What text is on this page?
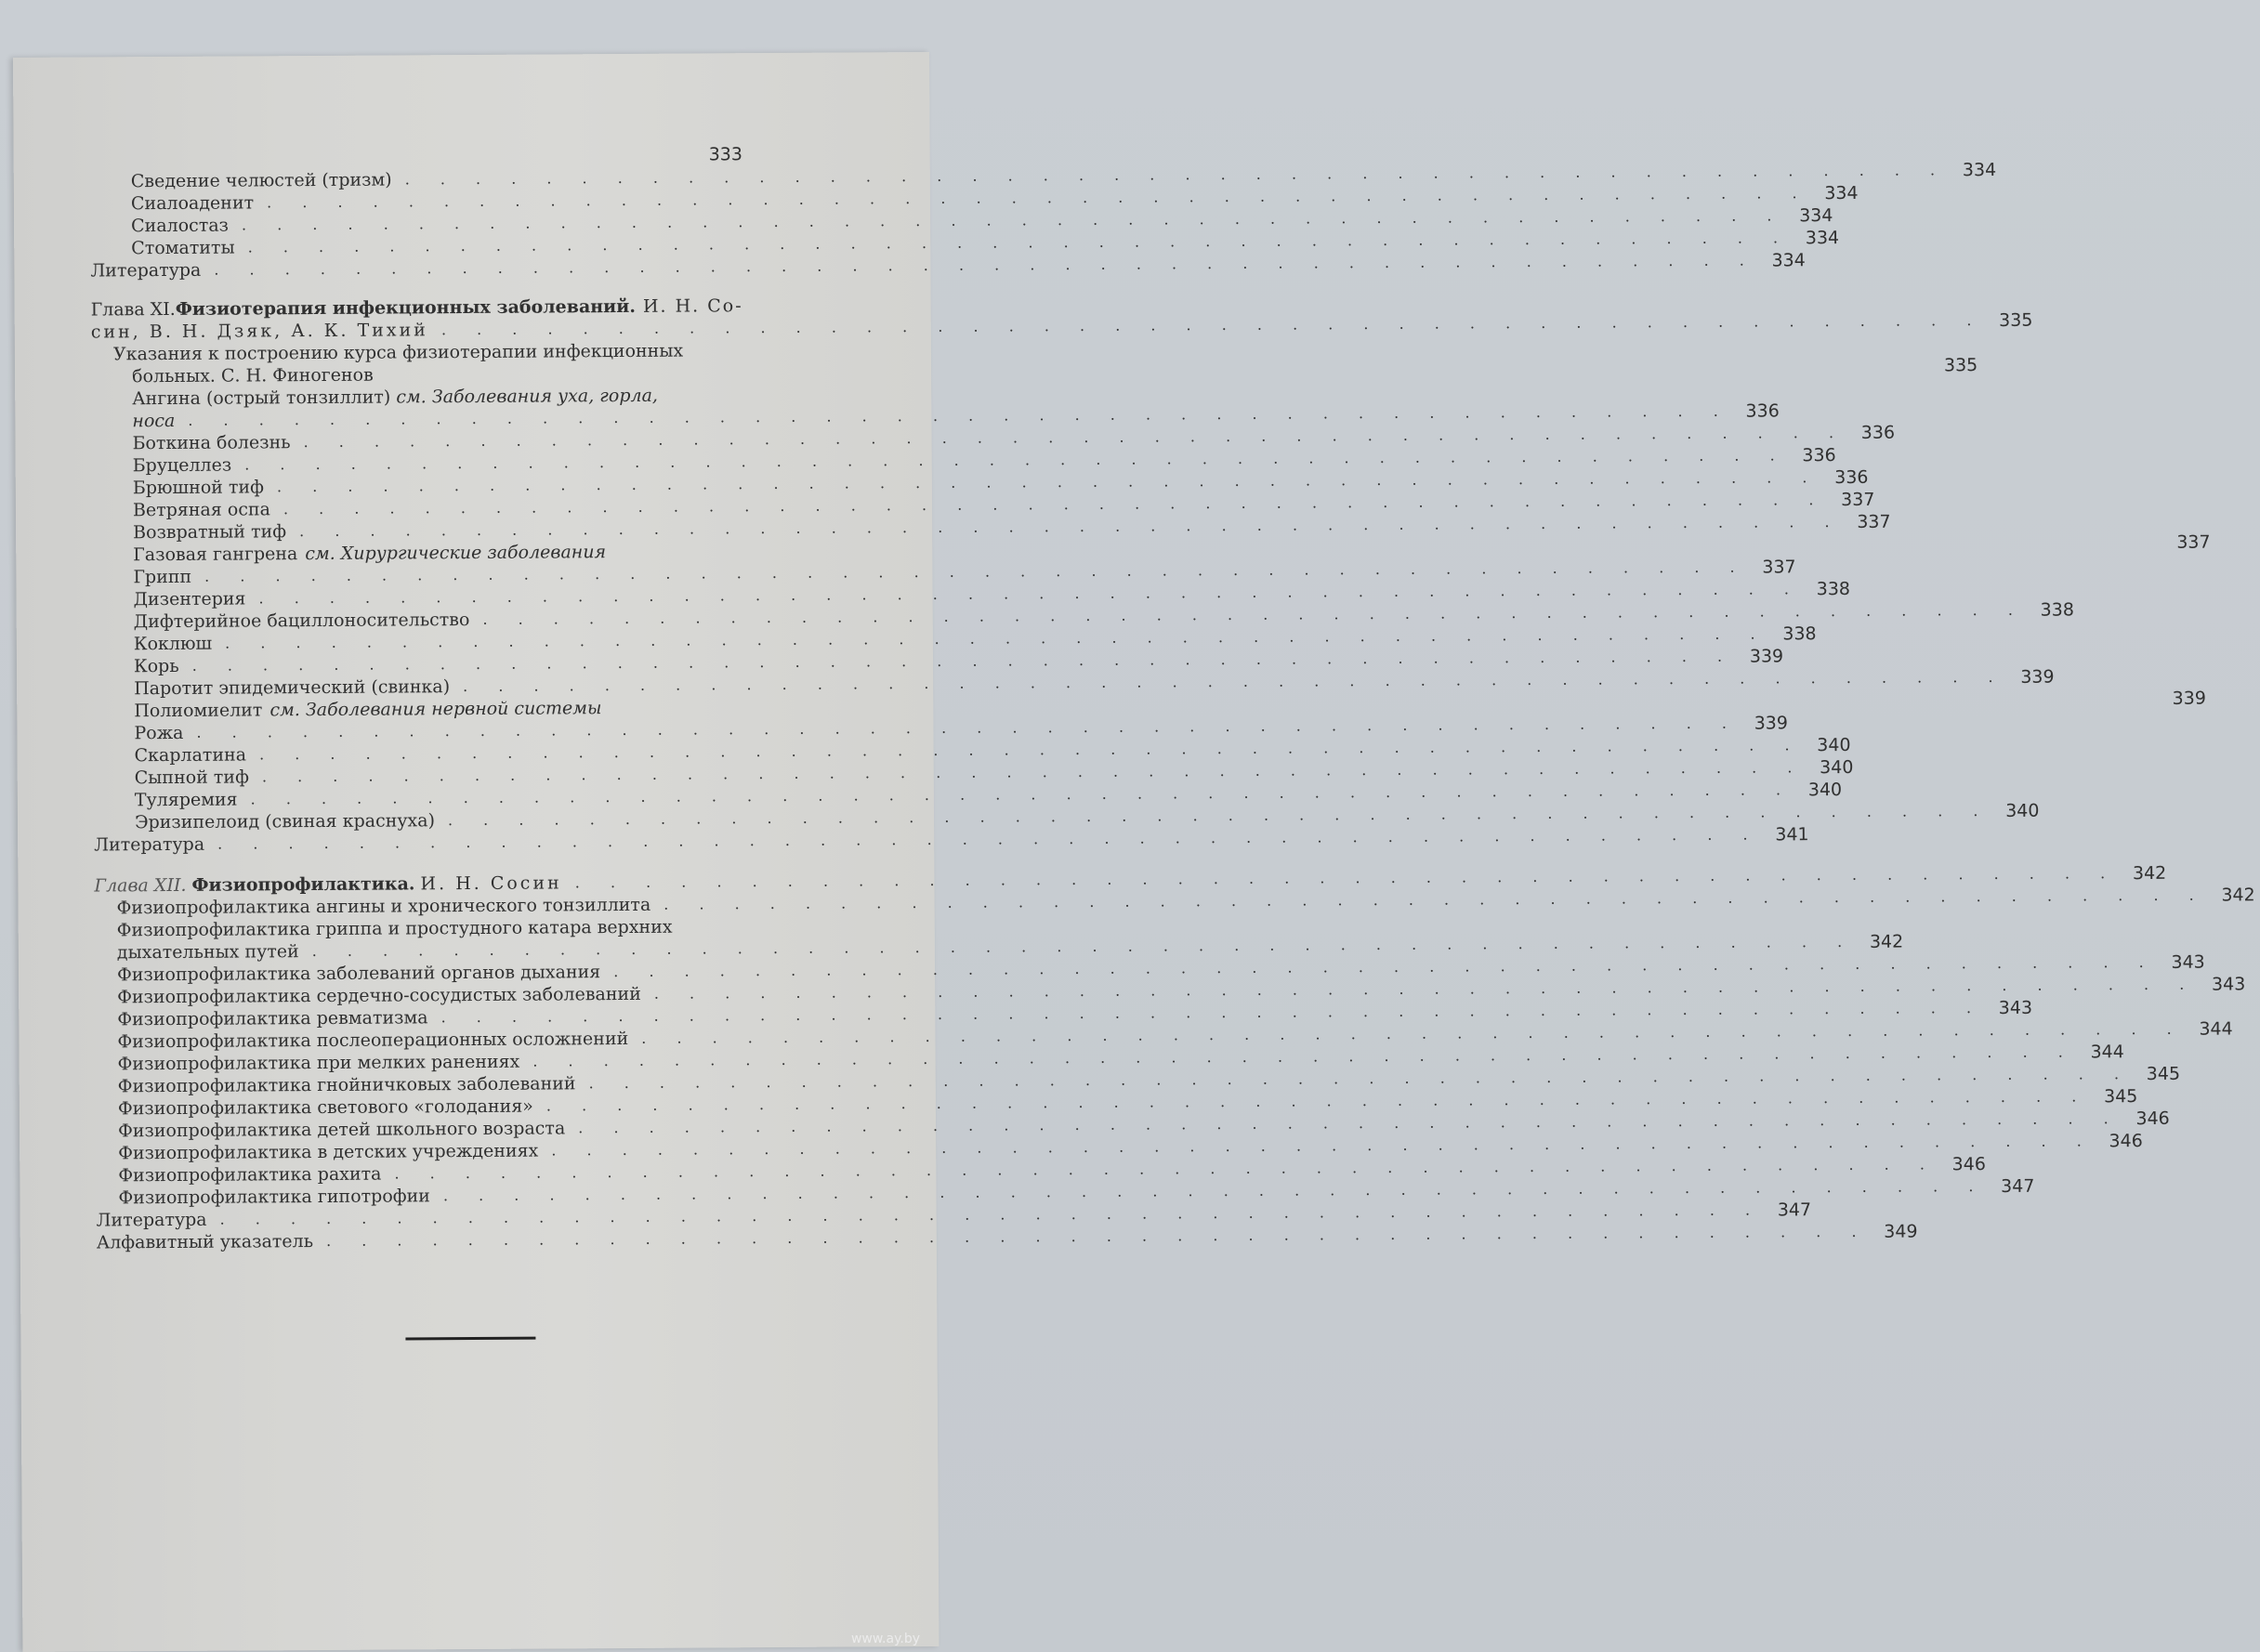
333
Сведение челюстей (тризм) . . . . . . . . . . . . . . . . . . . . . . . . . . . . . . . . . . . . . . . . . . . . 334
Сиалоаденит . . . . . . . . . . . . . . . . . . . . . . . . . . . . . . . . . . . . . . . . . . . . 334
Сиалостаз . . . . . . . . . . . . . . . . . . . . . . . . . . . . . . . . . . . . . . . . . . . . 334
Стоматиты . . . . . . . . . . . . . . . . . . . . . . . . . . . . . . . . . . . . . . . . . . . . 334
Литература . . . . . . . . . . . . . . . . . . . . . . . . . . . . . . . . . . . . . . . . . . . . 334
Глава XI.Физиотерапия инфекционных заболеваний. И. Н. Со-
син, В. Н. Дзяк, А. К. Тихий . . . . . . . . . . . . . . . . . . . . . . . . . . . . . . . . . . . . . . . . . . . . 335
Указания к построению курса физиотерапии инфекционных
больных. С. Н. Финогенов	335
Ангина (острый тонзиллит) см. Заболевания уха, горла,
носа . . . . . . . . . . . . . . . . . . . . . . . . . . . . . . . . . . . . . . . . . . . . 336
Боткина болезнь . . . . . . . . . . . . . . . . . . . . . . . . . . . . . . . . . . . . . . . . . . . . 336
Бруцеллез . . . . . . . . . . . . . . . . . . . . . . . . . . . . . . . . . . . . . . . . . . . . 336
Брюшной тиф . . . . . . . . . . . . . . . . . . . . . . . . . . . . . . . . . . . . . . . . . . . . 336
Ветряная оспа . . . . . . . . . . . . . . . . . . . . . . . . . . . . . . . . . . . . . . . . . . . . 337
Возвратный тиф . . . . . . . . . . . . . . . . . . . . . . . . . . . . . . . . . . . . . . . . . . . . 337
Газовая гангрена см. Хирургические заболевания	337
Грипп . . . . . . . . . . . . . . . . . . . . . . . . . . . . . . . . . . . . . . . . . . . . 337
Дизентерия . . . . . . . . . . . . . . . . . . . . . . . . . . . . . . . . . . . . . . . . . . . . 338
Дифтерийное бациллоносительство . . . . . . . . . . . . . . . . . . . . . . . . . . . . . . . . . . . . . . . . . . . . 338
Коклюш . . . . . . . . . . . . . . . . . . . . . . . . . . . . . . . . . . . . . . . . . . . . 338
Корь . . . . . . . . . . . . . . . . . . . . . . . . . . . . . . . . . . . . . . . . . . . . 339
Паротит эпидемический (свинка) . . . . . . . . . . . . . . . . . . . . . . . . . . . . . . . . . . . . . . . . . . . . 339
Полиомиелит см. Заболевания нервной системы	339
Рожа . . . . . . . . . . . . . . . . . . . . . . . . . . . . . . . . . . . . . . . . . . . . 339
Скарлатина . . . . . . . . . . . . . . . . . . . . . . . . . . . . . . . . . . . . . . . . . . . . 340
Сыпной тиф . . . . . . . . . . . . . . . . . . . . . . . . . . . . . . . . . . . . . . . . . . . . 340
Туляремия . . . . . . . . . . . . . . . . . . . . . . . . . . . . . . . . . . . . . . . . . . . . 340
Эризипелоид (свиная краснуха) . . . . . . . . . . . . . . . . . . . . . . . . . . . . . . . . . . . . . . . . . . . . 340
Литература . . . . . . . . . . . . . . . . . . . . . . . . . . . . . . . . . . . . . . . . . . . . 341
Глава XII. Физиопрофилактика. И. Н. Сосин . . . . . . . . . . . . . . . . . . . . . . . . . . . . . . . . . . . . . . . . . . . . 342
Физиопрофилактика ангины и хронического тонзиллита . . . . . . . . . . . . . . . . . . . . . . . . . . . . . . . . . . . . . . . . . . . . 342
Физиопрофилактика гриппа и простудного катара верхних
дыхательных путей . . . . . . . . . . . . . . . . . . . . . . . . . . . . . . . . . . . . . . . . . . . . 342
Физиопрофилактика заболеваний органов дыхания . . . . . . . . . . . . . . . . . . . . . . . . . . . . . . . . . . . . . . . . . . . . 343
Физиопрофилактика сердечно-сосудистых заболеваний . . . . . . . . . . . . . . . . . . . . . . . . . . . . . . . . . . . . . . . . . . . . 343
Физиопрофилактика ревматизма . . . . . . . . . . . . . . . . . . . . . . . . . . . . . . . . . . . . . . . . . . . . 343
Физиопрофилактика послеоперационных осложнений . . . . . . . . . . . . . . . . . . . . . . . . . . . . . . . . . . . . . . . . . . . . 344
Физиопрофилактика при мелких ранениях . . . . . . . . . . . . . . . . . . . . . . . . . . . . . . . . . . . . . . . . . . . . 344
Физиопрофилактика гнойничковых заболеваний . . . . . . . . . . . . . . . . . . . . . . . . . . . . . . . . . . . . . . . . . . . . 345
Физиопрофилактика светового «голодания» . . . . . . . . . . . . . . . . . . . . . . . . . . . . . . . . . . . . . . . . . . . . 345
Физиопрофилактика детей школьного возраста . . . . . . . . . . . . . . . . . . . . . . . . . . . . . . . . . . . . . . . . . . . . 346
Физиопрофилактика в детских учреждениях . . . . . . . . . . . . . . . . . . . . . . . . . . . . . . . . . . . . . . . . . . . . 346
Физиопрофилактика рахита . . . . . . . . . . . . . . . . . . . . . . . . . . . . . . . . . . . . . . . . . . . . 346
Физиопрофилактика гипотрофии . . . . . . . . . . . . . . . . . . . . . . . . . . . . . . . . . . . . . . . . . . . . 347
Литература . . . . . . . . . . . . . . . . . . . . . . . . . . . . . . . . . . . . . . . . . . . . 347
Алфавитный указатель . . . . . . . . . . . . . . . . . . . . . . . . . . . . . . . . . . . . . . . . . . . . 349
www.ay.by
